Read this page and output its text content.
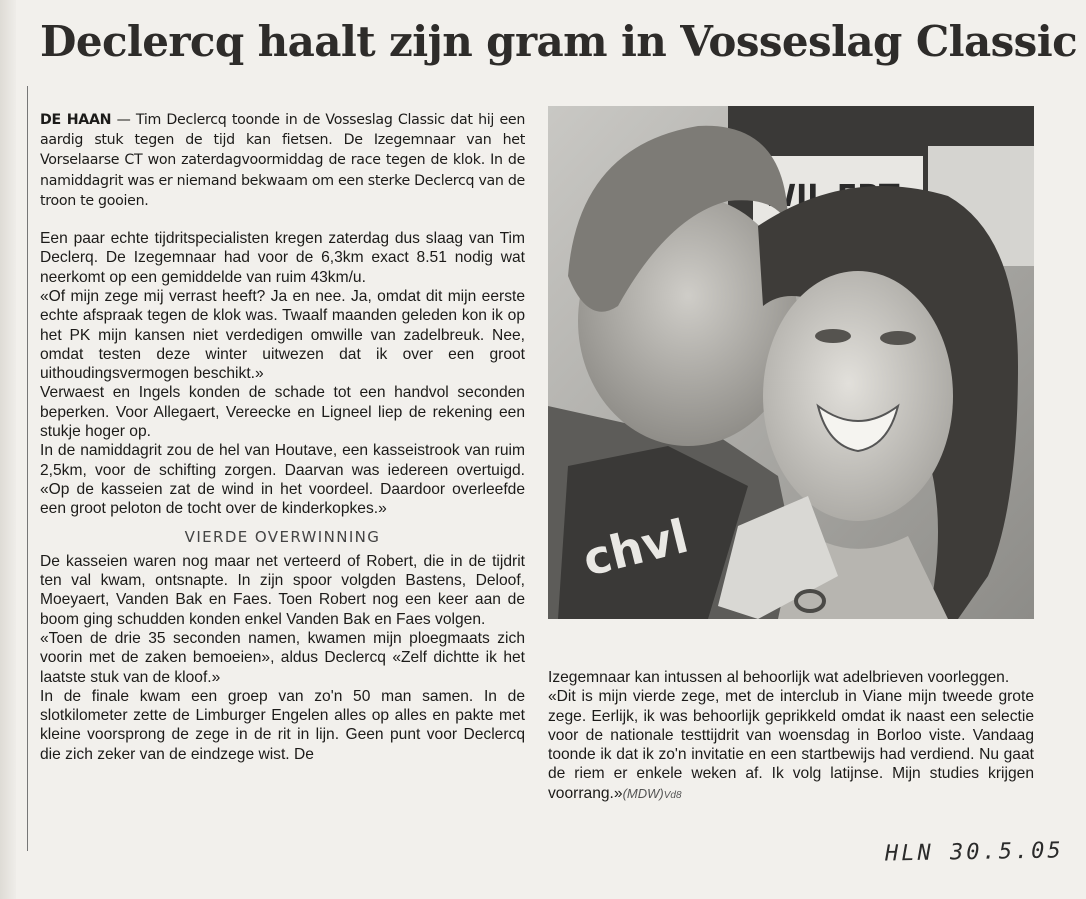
Declercq haalt zijn gram in Vosseslag Classic

DE HAAN — Tim Declercq toonde in de Vosseslag Classic dat hij een aardig stuk tegen de tijd kan fietsen. De Izegemnaar van het Vorselaarse CT won zaterdagvoormiddag de race tegen de klok. In de namiddagrit was er niemand bekwaam om een sterke Declercq van de troon te gooien.

Een paar echte tijdritspecialisten kregen zaterdag dus slaag van Tim Declerq. De Izegemnaar had voor de 6,3km exact 8.51 nodig wat neerkomt op een gemiddelde van ruim 43km/u.

«Of mijn zege mij verrast heeft? Ja en nee. Ja, omdat dit mijn eerste echte afspraak tegen de klok was. Twaalf maanden geleden kon ik op het PK mijn kansen niet verdedigen omwille van zadelbreuk. Nee, omdat testen deze winter uitwezen dat ik over een groot uithoudingsvermogen beschikt.»

Verwaest en Ingels konden de schade tot een handvol seconden beperken. Voor Allegaert, Vereecke en Ligneel liep de rekening een stukje hoger op.

In de namiddagrit zou de hel van Houtave, een kasseistrook van ruim 2,5km, voor de schifting zorgen. Daarvan was iedereen overtuigd. «Op de kasseien zat de wind in het voordeel. Daardoor overleefde een groot peloton de tocht over de kinderkopkes.»

VIERDE OVERWINNING

De kasseien waren nog maar net verteerd of Robert, die in de tijdrit ten val kwam, ontsnapte. In zijn spoor volgden Bastens, Deloof, Moeyaert, Vanden Bak en Faes. Toen Robert nog een keer aan de boom ging schudden konden enkel Vanden Bak en Faes volgen.

«Toen de drie 35 seconden namen, kwamen mijn ploegmaats zich voorin met de zaken bemoeien», aldus Declercq «Zelf dichtte ik het laatste stuk van de kloof.»

In de finale kwam een groep van zo'n 50 man samen. In de slotkilometer zette de Limburger Engelen alles op alles en pakte met kleine voorsprong de zege in de rit in lijn. Geen punt voor Declercq die zich zeker van de eindzege wist. De

chvl

Izegemnaar kan intussen al behoorlijk wat adelbrieven voorleggen.

«Dit is mijn vierde zege, met de interclub in Viane mijn tweede grote zege. Eerlijk, ik was behoorlijk geprikkeld omdat ik naast een selectie voor de nationale testtijdrit van woensdag in Borloo viste. Vandaag toonde ik dat ik zo'n invitatie en een startbewijs had verdiend. Nu gaat de riem er enkele weken af. Ik volg latijnse. Mijn studies krijgen voorrang.»(MDW)Vd8

HLN 30.5.05
